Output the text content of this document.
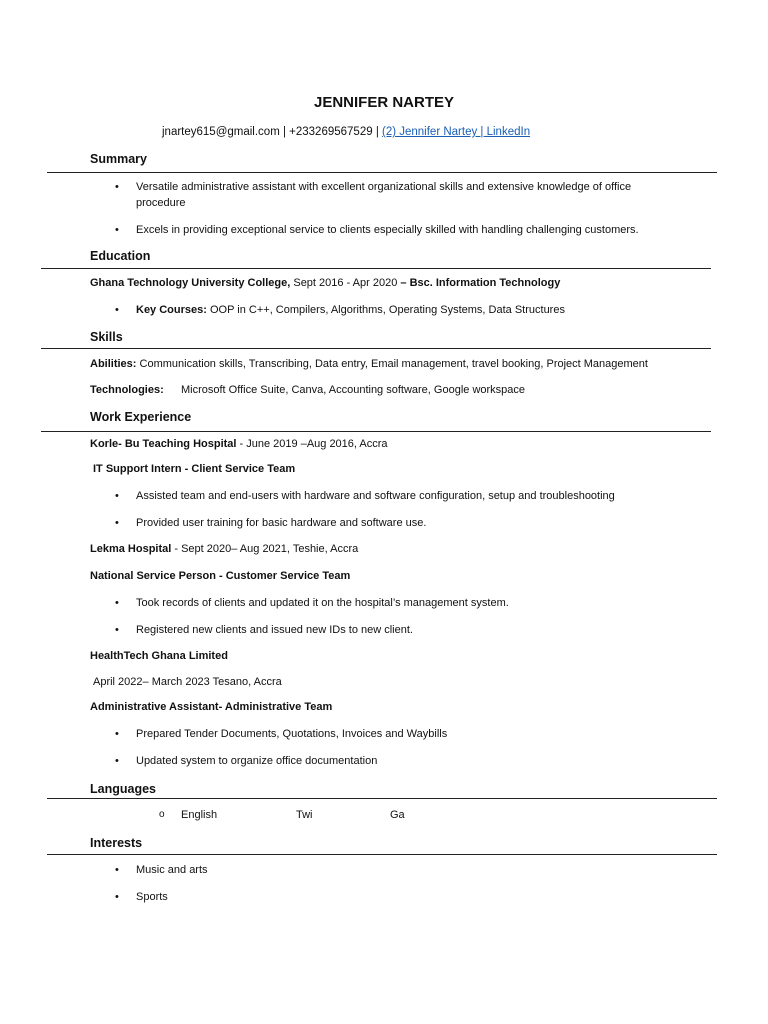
JENNIFER NARTEY
jnartey615@gmail.com | +233269567529 | (2) Jennifer Nartey | LinkedIn
Summary
• Versatile administrative assistant with excellent organizational skills and extensive knowledge of office
procedure
• Excels in providing exceptional service to clients especially skilled with handling challenging customers.
Education
Ghana Technology University College, Sept 2016 - Apr 2020 – Bsc. Information Technology
• Key Courses: OOP in C++, Compilers, Algorithms, Operating Systems, Data Structures
Skills
Abilities: Communication skills, Transcribing, Data entry, Email management, travel booking, Project Management
Technologies: Microsoft Office Suite, Canva, Accounting software, Google workspace
Work Experience
Korle- Bu Teaching Hospital - June 2019 –Aug 2016, Accra
IT Support Intern - Client Service Team
• Assisted team and end-users with hardware and software configuration, setup and troubleshooting
• Provided user training for basic hardware and software use.
Lekma Hospital - Sept 2020– Aug 2021, Teshie, Accra
National Service Person - Customer Service Team
• Took records of clients and updated it on the hospital’s management system.
• Registered new clients and issued new IDs to new client.
HealthTech Ghana Limited
April 2022– March 2023 Tesano, Accra
Administrative Assistant- Administrative Team
• Prepared Tender Documents, Quotations, Invoices and Waybills
• Updated system to organize office documentation
Languages
o English	Twi	Ga
Interests
• Music and arts
• Sports
